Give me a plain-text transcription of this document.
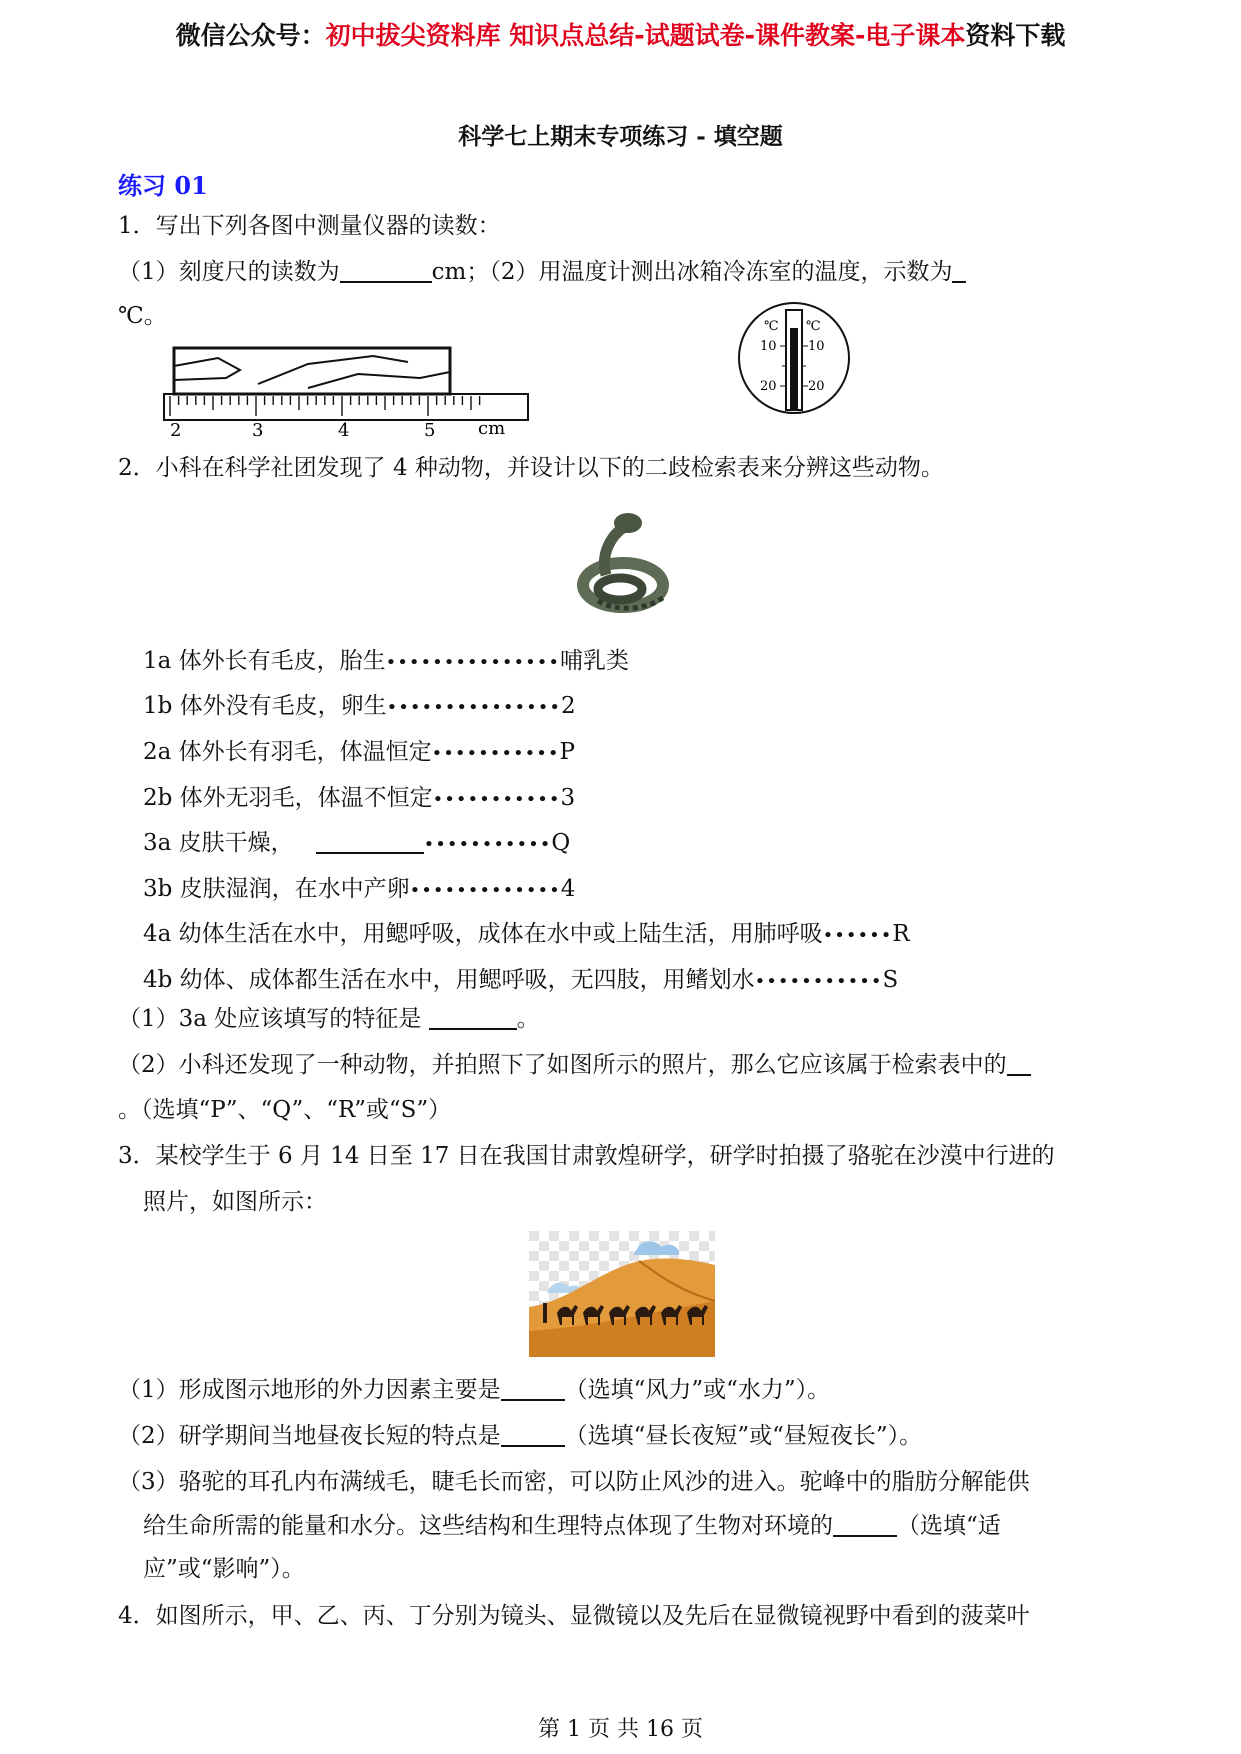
微信公众号：初中拔尖资料库 知识点总结-试题试卷-课件教案-电子课本资料下载
科学七上期末专项练习 - 填空题
练习 01
1．写出下列各图中测量仪器的读数：
（1）刻度尺的读数为	cm；（2）用温度计测出冰箱冷冻室的温度，示数为
℃。
2	3	4	5 cm
℃ ℃
10 10
20 20
2．小科在科学社团发现了 4 种动物，并设计以下的二歧检索表来分辨这些动物。
1a 体外长有毛皮，胎生•••••••••••••••哺乳类
1b 体外没有毛皮，卵生•••••••••••••••2
2a 体外长有羽毛，体温恒定•••••••••••P
2b 体外无羽毛，体温不恒定•••••••••••3
3a 皮肤干燥，	•••••••••••Q
3b 皮肤湿润，在水中产卵•••••••••••••4
4a 幼体生活在水中，用鳃呼吸，成体在水中或上陆生活，用肺呼吸••••••R
4b 幼体、成体都生活在水中，用鳃呼吸，无四肢，用鳍划水•••••••••••S
（1）3a 处应该填写的特征是	。
（2）小科还发现了一种动物，并拍照下了如图所示的照片，那么它应该属于检索表中的
。（选填“P”、“Q”、“R”或“S”）
3．某校学生于 6 月 14 日至 17 日在我国甘肃敦煌研学，研学时拍摄了骆驼在沙漠中行进的
照片，如图所示：
（1）形成图示地形的外力因素主要是	（选填“风力”或“水力”）。
（2）研学期间当地昼夜长短的特点是	（选填“昼长夜短”或“昼短夜长”）。
（3）骆驼的耳孔内布满绒毛，睫毛长而密，可以防止风沙的进入。驼峰中的脂肪分解能供
给生命所需的能量和水分。这些结构和生理特点体现了生物对环境的	（选填“适
应”或“影响”）。
4．如图所示，甲、乙、丙、丁分别为镜头、显微镜以及先后在显微镜视野中看到的菠菜叶
第 1 页 共 16 页
